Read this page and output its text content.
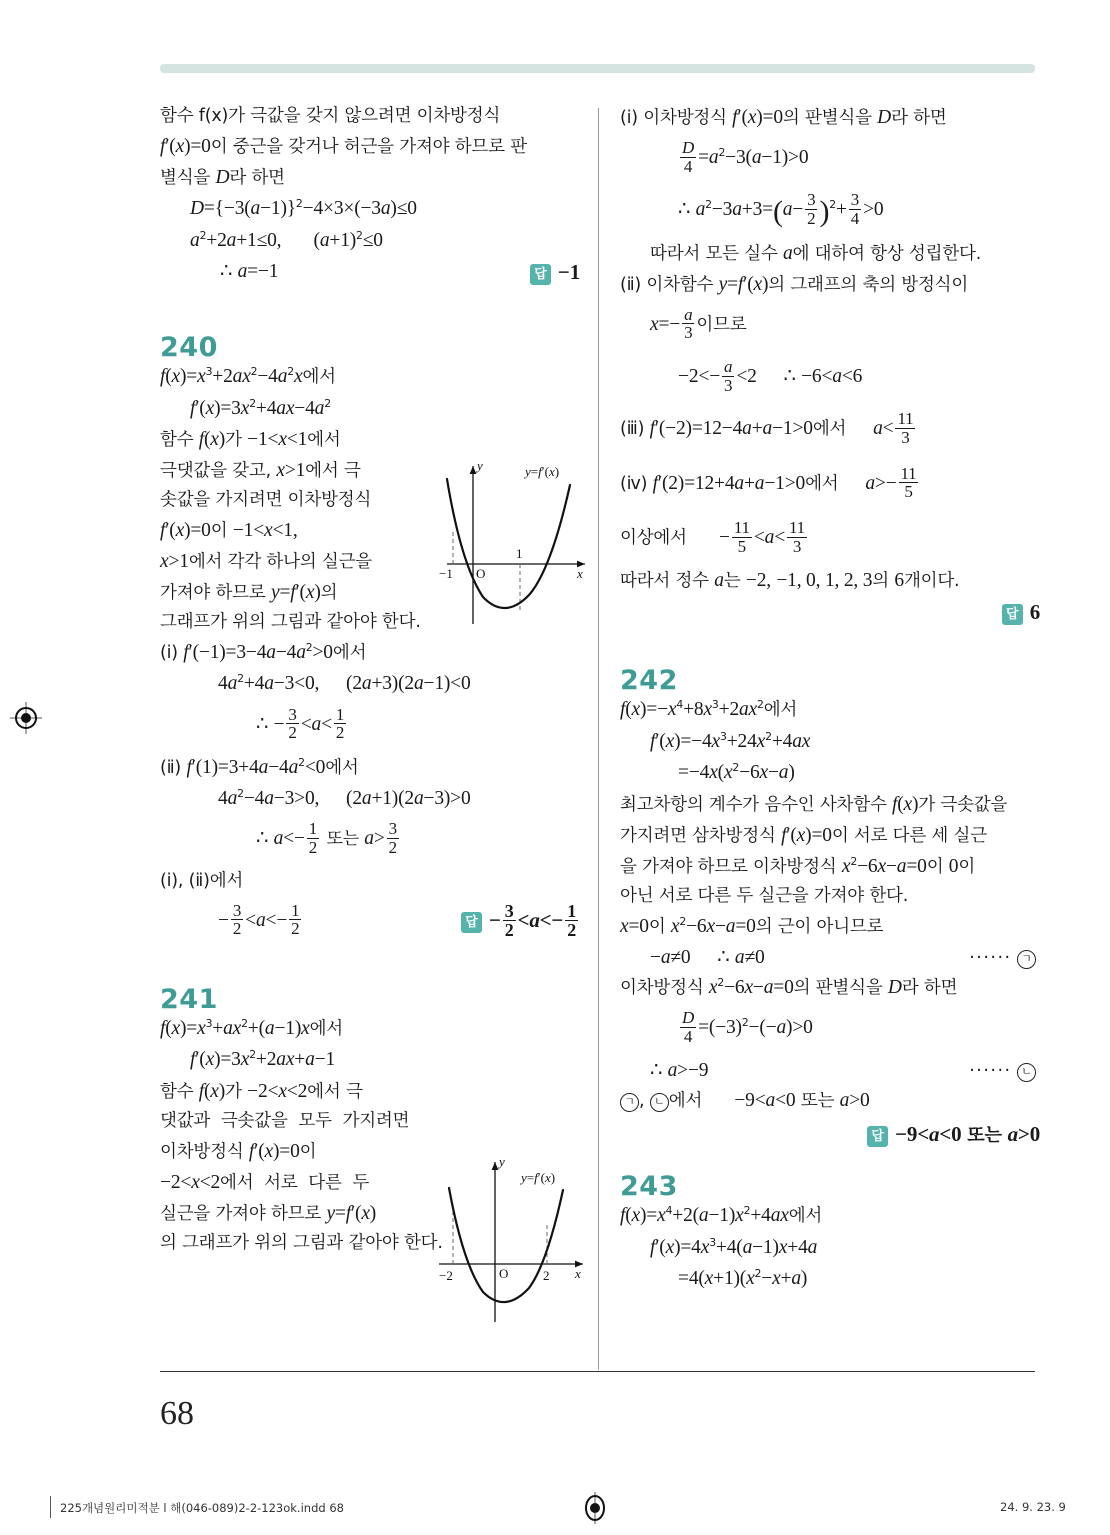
함수 f(x)가 극값을 갖지 않으려면 이차방정식

f′(x)=0이 중근을 갖거나 허근을 가져야 하므로 판

별식을 D라 하면

$D=\{-3(a-1)\}^2-4\times 3\times(-3a)\le 0$

$a^2+2a+1\le 0$, $(a+1)^2\le 0$

∴ a=−1	답 −1

240

$f(x)=x^3+2ax^2-4a^2x$에서

$f'(x)=3x^2+4ax-4a^2$

함수 f(x)가 −1<x<1에서

극댓값을 갖고, x>1에서 극

솟값을 가지려면 이차방정식

f′(x)=0이 −1<x<1,

x>1에서 각각 하나의 실근을

가져야 하므로 y=f′(x)의

그래프가 위의 그림과 같아야 한다.

(ⅰ) $f'(-1)=3-4a-4a^2>0$에서

$4a^2+4a-3<0$, (2a+3)(2a−1)<0

∴ − $\frac{3}{2} <a< \frac{1}{2}$

(ⅱ) $f'(1)=3+4a-4a^2<0$에서

$4a^2-4a-3>0$, (2a+1)(2a−3)>0

∴ $a<- \frac{1}{2}$ 또는 $a> \frac{3}{2}$

(ⅰ), (ⅱ)에서

− $\frac{3}{2} <a<- \frac{1}{2}$	답 − $\frac{3}{2} <a<- \frac{1}{2}$

241

$f(x)=x^3+ax^2+(a-1)x$에서

$f'(x)=3x^2+2ax+a-1$

함수 f(x)가 −2<x<2에서 극

댓값과  극솟값을  모두  가지려면

이차방정식 f′(x)=0이

−2<x<2에서  서로  다른  두

실근을 가져야 하므로 y=f′(x)

의 그래프가 위의 그림과 같아야 한다.

y
x
O
−1
1
y=f′(x)
y
x
O
−2	2
y=f′(x)

(ⅰ) 이차방정식 f′(x)=0의 판별식을 D라 하면

$\frac{D}{4} =a^2-3(a-1)>0$

∴ $a^2-3a+3=(a- \frac{3}{2} )^2+ \frac{3}{4} >0$

따라서 모든 실수 a에 대하여 항상 성립한다.

(ⅱ) 이차함수 y=f′(x)의 그래프의 축의 방정식이

$x=- \frac{a}{3}$ 이므로

$-2<- \frac{a}{3} <2$ ∴ −6<a<6

(ⅲ) f′(−2)=12−4a+a−1>0에서 $a< \frac{11}{3}$

(ⅳ) f′(2)=12+4a+a−1>0에서 $a>- \frac{11}{5}$

이상에서 − $\frac{11}{5} <a< \frac{11}{3}$

따라서 정수 a는 −2, −1, 0, 1, 2, 3의 6개이다.

답 6

242

$f(x)=-x^4+8x^3+2ax^2$에서

$f'(x)=-4x^3+24x^2+4ax$

$=-4x(x^2-6x-a)$

최고차항의 계수가 음수인 사차함수 f(x)가 극솟값을

가지려면 삼차방정식 f′(x)=0이 서로 다른 세 실근

을 가져야 하므로 이차방정식 $x^2-6x-a=0$이 0이

아닌 서로 다른 두 실근을 가져야 한다.

x=0이 $x^2-6x-a=0$의 근이 아니므로

−a≠0 ∴ a≠0	······ ㄱ

이차방정식 $x^2-6x-a=0$의 판별식을 D라 하면

$\frac{D}{4} =(-3)^2-(-a)>0$

∴ a>−9	······ ㄴ

ㄱ , ㄴ 에서 −9<a<0 또는 a>0

답 −9<a<0 또는 a>0

243

$f(x)=x^4+2(a-1)x^2+4ax$에서

$f'(x)=4x^3+4(a-1)x+4a$

$=4(x+1)(x^2-x+a)$

68
225개념원리미적분 l 해(046-089)2-2-123ok.indd 68	24. 9. 23. 9
